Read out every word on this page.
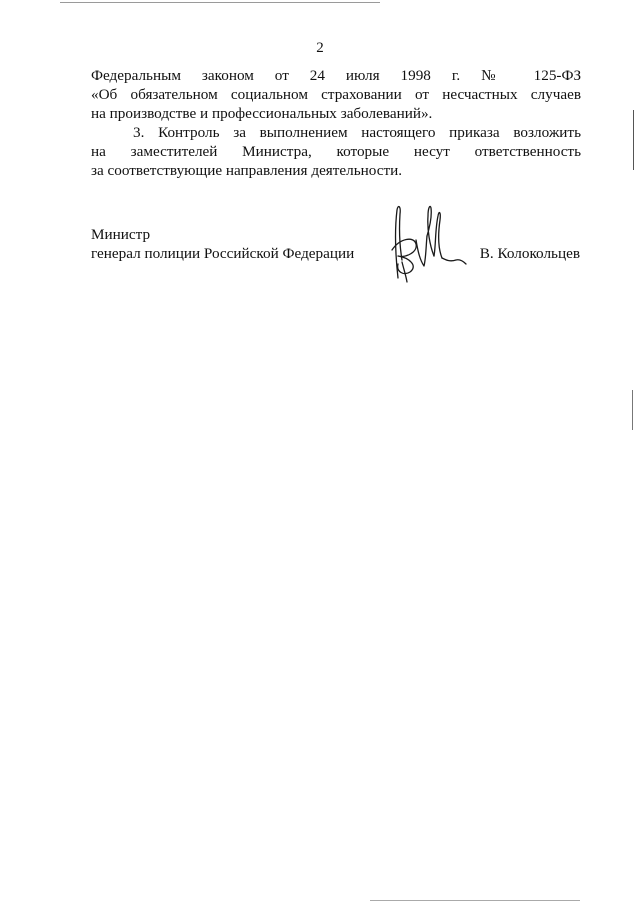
2
Федеральным законом от 24 июля 1998 г. № 125-ФЗ
«Об обязательном социальном страховании от несчастных случаев
на производстве и профессиональных заболеваний».
3. Контроль за выполнением настоящего приказа возложить
на заместителей Министра, которые несут ответственность
за соответствующие направления деятельности.
Министр
генерал полиции Российской Федерации	В. Колокольцев
